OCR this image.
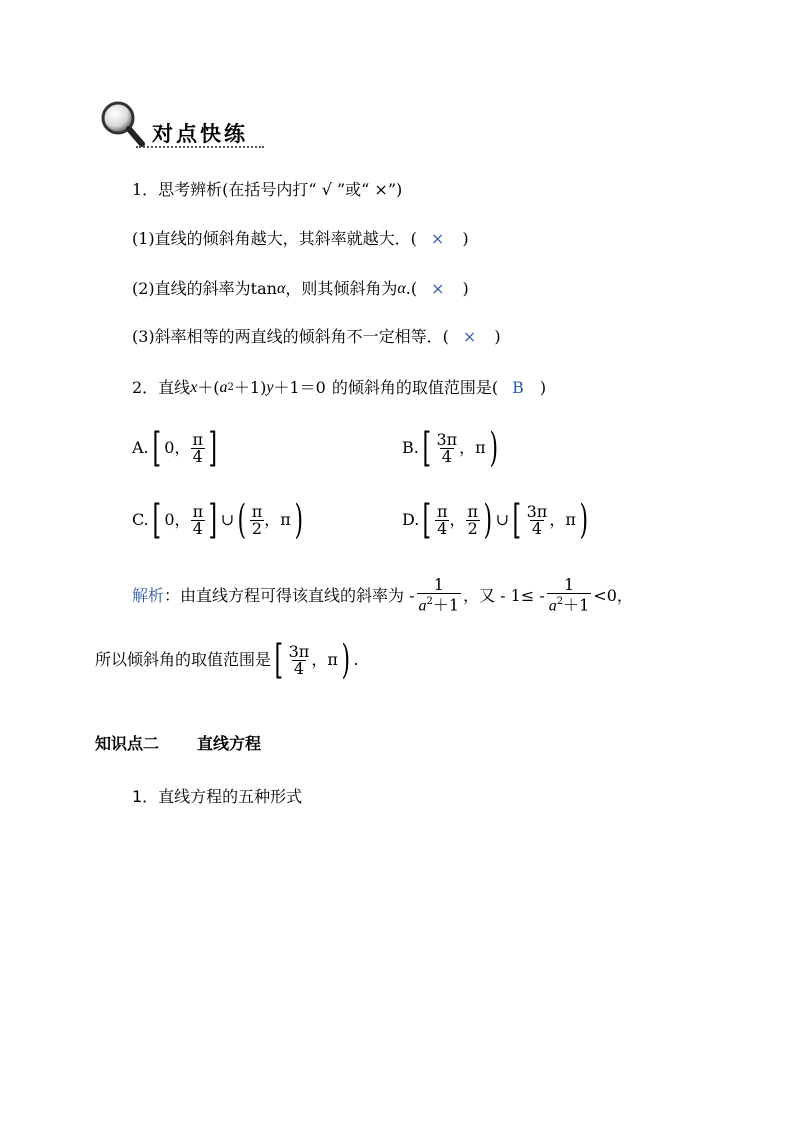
对点快练
1．思考辨析(在括号内打“ √ ”或“ ×”)
(1)直线的倾斜角越大，其斜率就越大．( × )
(2)直线的斜率为tan α ，则其倾斜角为 α .( × )
(3)斜率相等的两直线的倾斜角不一定相等．( × )
2．直线 x ＋( a 2 ＋1) y ＋1＝0 的倾斜角的取值范围是( B )
A. [ 0， $\frac{\pi}{4}$ ]	B. [ $\frac{3\pi}{4}$ ，π )
C. [ 0， $\frac{\pi}{4}$ ] ∪ ( $\frac{\pi}{2}$ ，π )	D. [ $\frac{\pi}{4}$ ， $\frac{\pi}{2}$ ) ∪ [ $\frac{3\pi}{4}$ ，π )
解析 ：由直线方程可得该直线的斜率为 - $\frac{1}{a^2+1}$ ，又 - $1\le - \frac{1}{a^2+1} <0$，
所以倾斜角的取值范围是 [ $\frac{3\pi}{4}$ ，π ) .
知识点二 直线方程
1．直线方程的五种形式
